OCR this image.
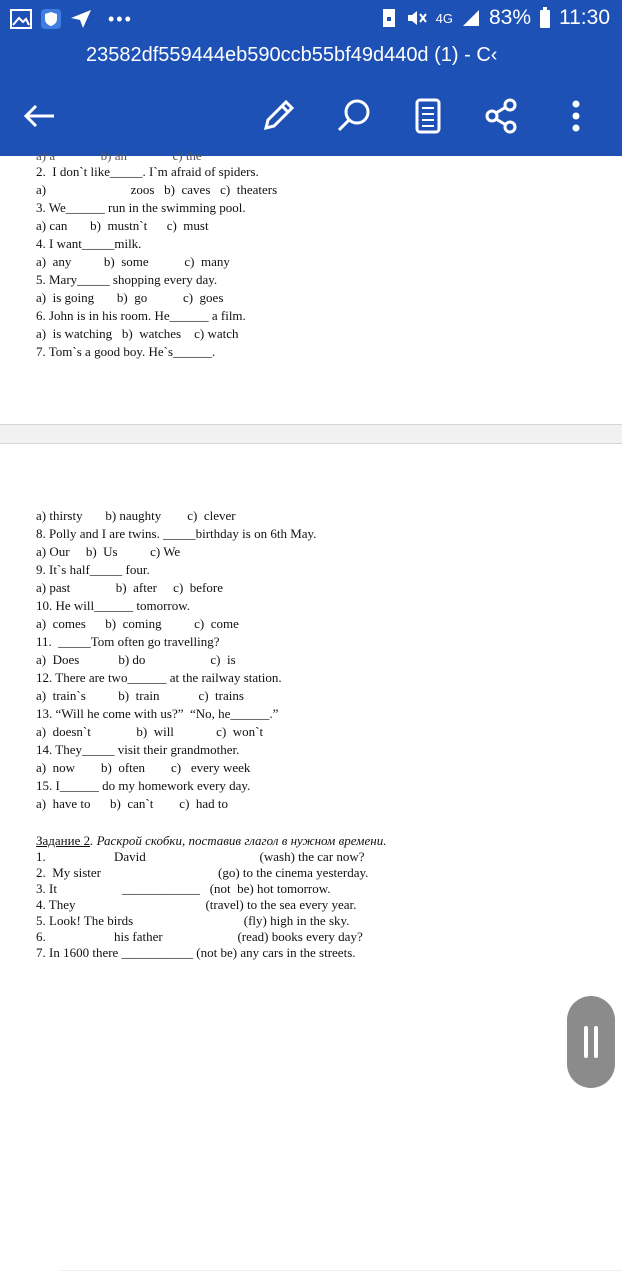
•••	4G 83% 11:30
23582df559444eb590ccb55bf49d440d (1) - C‹
a) a              b) an              c) the
2.  I don`t like_____. I`m afraid of spiders.
a)                          zoos   b)  caves   c)  theaters
3. We______ run in the swimming pool.
a) can       b)  mustn`t      c)  must
4. I want_____milk.
a)  any          b)  some           c)  many
5. Mary_____ shopping every day.
a)  is going       b)  go           c)  goes
6. John is in his room. He______ a film.
a)  is watching   b)  watches    c) watch
7. Tom`s a good boy. He`s______.
a) thirsty       b) naughty        c)  clever
8. Polly and I are twins. _____birthday is on 6th May.
a) Our     b)  Us          c) We
9. It`s half_____ four.
a) past              b)  after     c)  before
10. He will______ tomorrow.
a)  comes      b)  coming          c)  come
11.  _____Tom often go travelling?
a)  Does            b) do                    c)  is
12. There are two______ at the railway station.
a)  train`s          b)  train            c)  trains
13. “Will he come with us?”  “No, he______.”
a)  doesn`t              b)  will             c)  won`t
14. They_____ visit their grandmother.
a)  now        b)  often        c)   every week
15. I______ do my homework every day.
a)  have to      b)  can`t        c)  had to
Задание 2. Раскрой скобки, поставив глагол в нужном времени.
1.                     David                                   (wash) the car now?
2.  My sister                                    (go) to the cinema yesterday.
3. It                    ____________   (not  be) hot tomorrow.
4. They                                        (travel) to the sea every year.
5. Look! The birds                                  (fly) high in the sky.
6.                     his father                       (read) books every day?
7. In 1600 there ___________ (not be) any cars in the streets.
